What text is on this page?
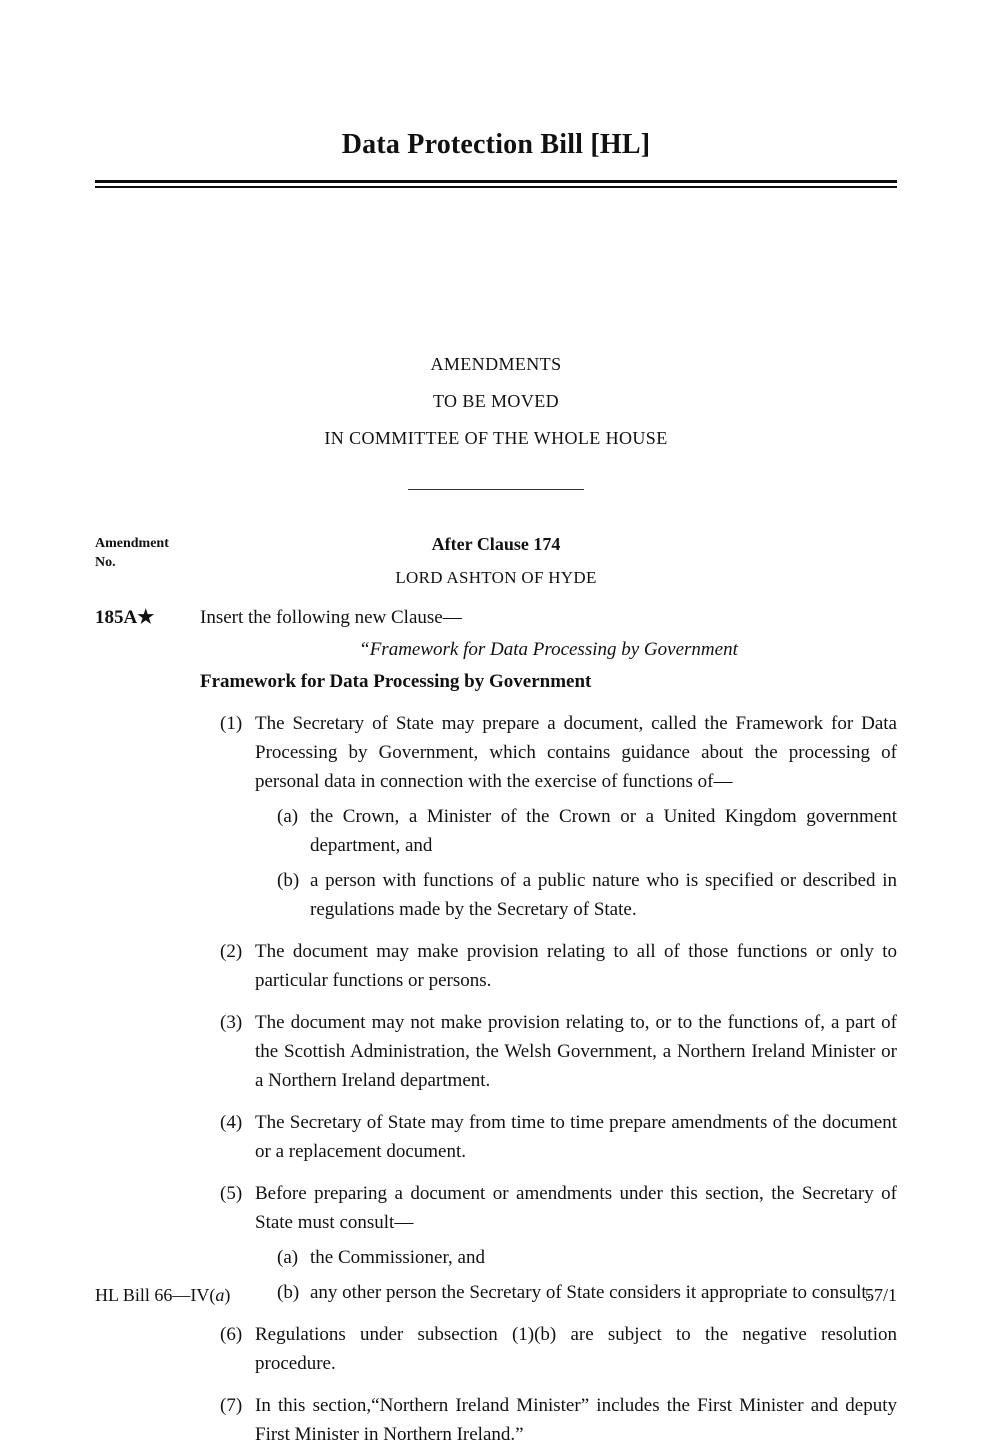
Data Protection Bill [HL]
AMENDMENTS
TO BE MOVED
IN COMMITTEE OF THE WHOLE HOUSE
Amendment
No.
After Clause 174
LORD ASHTON OF HYDE
185A★ Insert the following new Clause—
“Framework for Data Processing by Government
Framework for Data Processing by Government
(1) The Secretary of State may prepare a document, called the Framework for Data Processing by Government, which contains guidance about the processing of personal data in connection with the exercise of functions of—
(a) the Crown, a Minister of the Crown or a United Kingdom government department, and
(b) a person with functions of a public nature who is specified or described in regulations made by the Secretary of State.
(2) The document may make provision relating to all of those functions or only to particular functions or persons.
(3) The document may not make provision relating to, or to the functions of, a part of the Scottish Administration, the Welsh Government, a Northern Ireland Minister or a Northern Ireland department.
(4) The Secretary of State may from time to time prepare amendments of the document or a replacement document.
(5) Before preparing a document or amendments under this section, the Secretary of State must consult—
(a) the Commissioner, and
(b) any other person the Secretary of State considers it appropriate to consult.
(6) Regulations under subsection (1)(b) are subject to the negative resolution procedure.
(7) In this section,“Northern Ireland Minister” includes the First Minister and deputy First Minister in Northern Ireland.”
HL Bill 66—IV(a)	57/1
